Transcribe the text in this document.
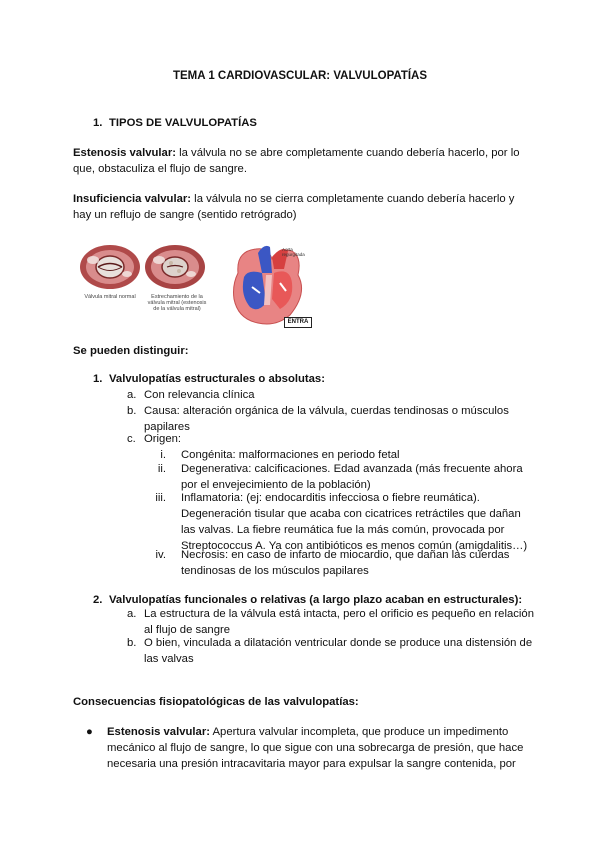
TEMA 1 CARDIOVASCULAR: VALVULOPATÍAS
1. TIPOS DE VALVULOPATÍAS
Estenosis valvular: la válvula no se abre completamente cuando debería hacerlo, por lo que, obstaculiza el flujo de sangre.
Insuficiencia valvular: la válvula no se cierra completamente cuando debería hacerlo y hay un reflujo de sangre (sentido retrógrado)
Válvula mitral normal	Estrechamiento de la válvula mitral (estenosis de la válvula mitral)
Aorta regurgitada
ENTRA
Se pueden distinguir:
1. Valvulopatías estructurales o absolutas:
a. Con relevancia clínica
b. Causa: alteración orgánica de la válvula, cuerdas tendinosas o músculos papilares
c. Origen:
i. Congénita: malformaciones en periodo fetal
ii. Degenerativa: calcificaciones. Edad avanzada (más frecuente ahora por el envejecimiento de la población)
iii. Inflamatoria: (ej: endocarditis infecciosa o fiebre reumática). Degeneración tisular que acaba con cicatrices retráctiles que dañan las valvas. La fiebre reumática fue la más común, provocada por Streptococcus A. Ya con antibióticos es menos común (amigdalitis…)
iv. Necrosis: en caso de infarto de miocardio, que dañan las cuerdas tendinosas de los músculos papilares
2. Valvulopatías funcionales o relativas (a largo plazo acaban en estructurales):
a. La estructura de la válvula está intacta, pero el orificio es pequeño en relación al flujo de sangre
b. O bien, vinculada a dilatación ventricular donde se produce una distensión de las valvas
Consecuencias fisiopatológicas de las valvulopatías:
● Estenosis valvular: Apertura valvular incompleta, que produce un impedimento mecánico al flujo de sangre, lo que sigue con una sobrecarga de presión, que hace necesaria una presión intracavitaria mayor para expulsar la sangre contenida, por
